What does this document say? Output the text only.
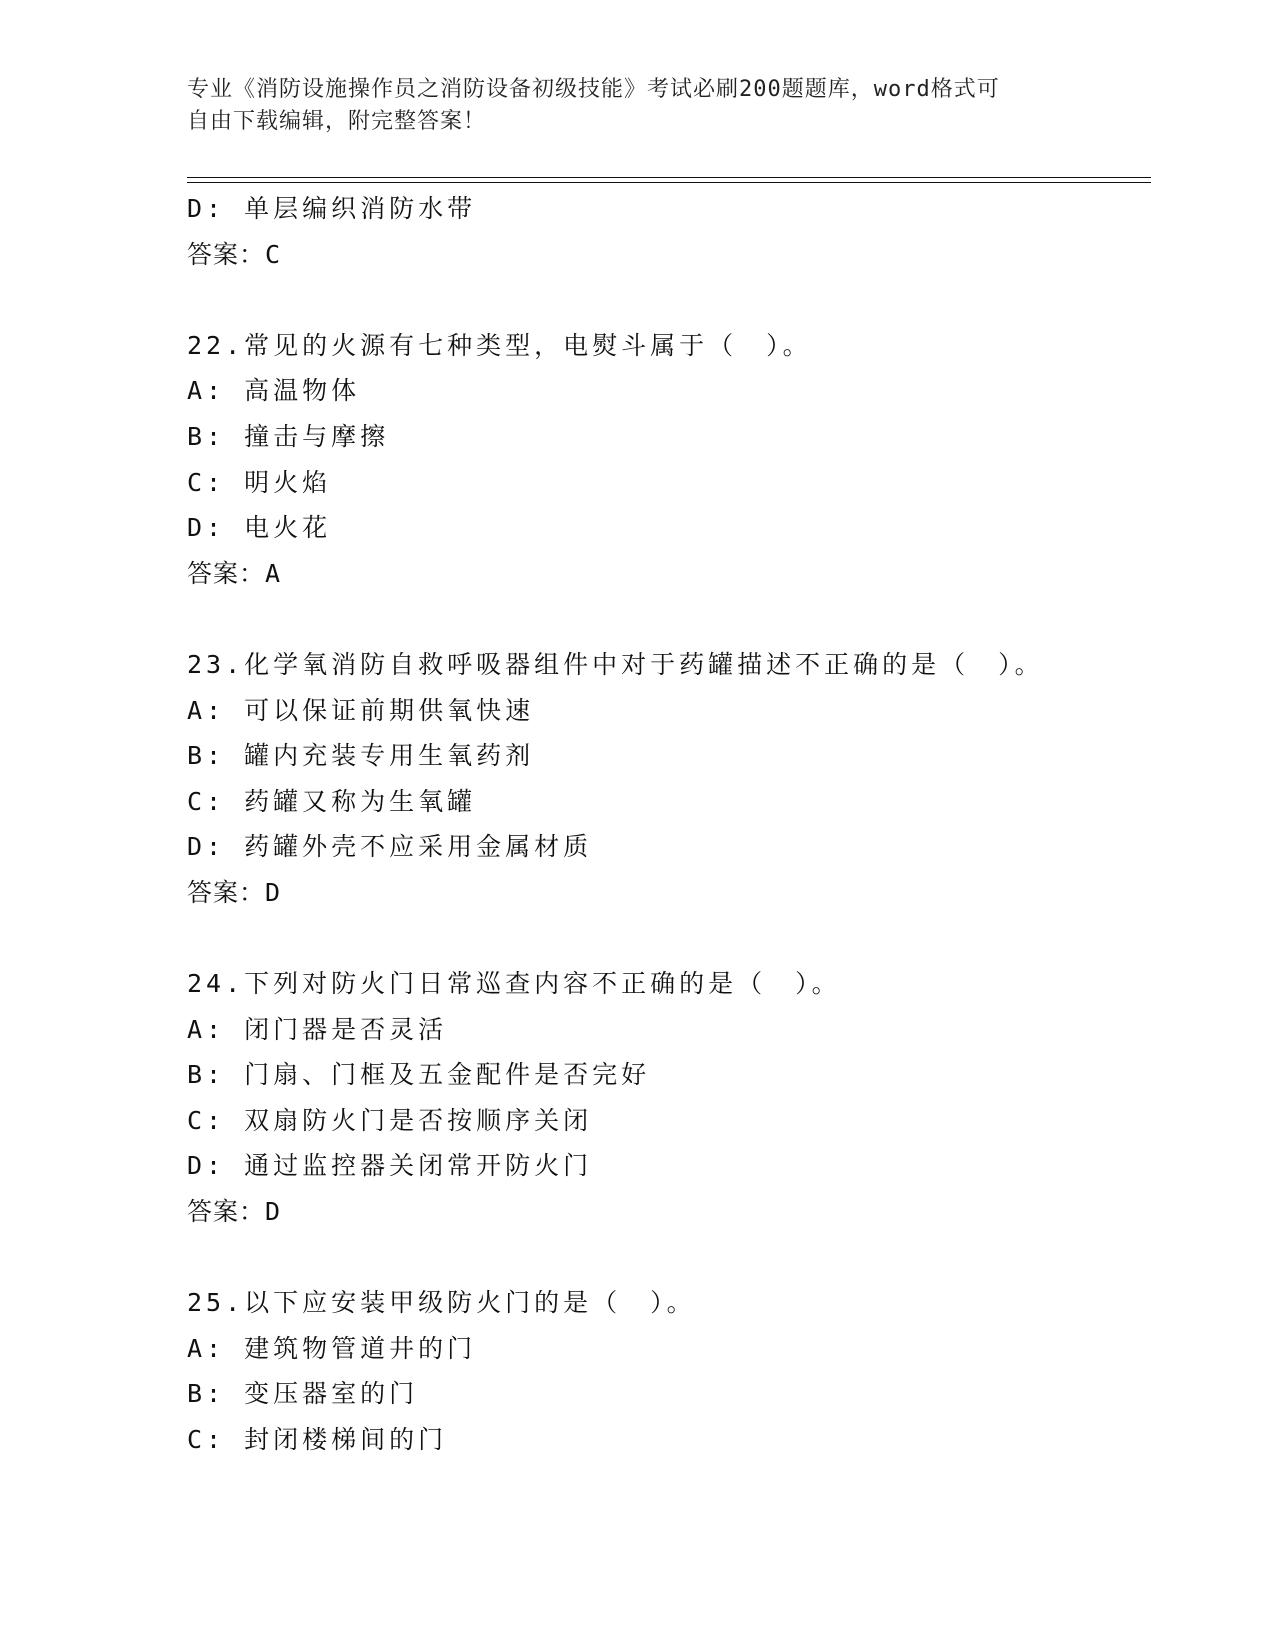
专业《消防设施操作员之消防设备初级技能》考试必刷200题题库，word格式可
自由下载编辑，附完整答案！
D: 单层编织消防水带
答案：C
22.常见的火源有七种类型，电熨斗属于（　）。
A: 高温物体
B: 撞击与摩擦
C: 明火焰
D: 电火花
答案：A
23.化学氧消防自救呼吸器组件中对于药罐描述不正确的是（　）。
A: 可以保证前期供氧快速
B: 罐内充装专用生氧药剂
C: 药罐又称为生氧罐
D: 药罐外壳不应采用金属材质
答案：D
24.下列对防火门日常巡查内容不正确的是（　）。
A: 闭门器是否灵活
B: 门扇、门框及五金配件是否完好
C: 双扇防火门是否按顺序关闭
D: 通过监控器关闭常开防火门
答案：D
25.以下应安装甲级防火门的是（　）。
A: 建筑物管道井的门
B: 变压器室的门
C: 封闭楼梯间的门
